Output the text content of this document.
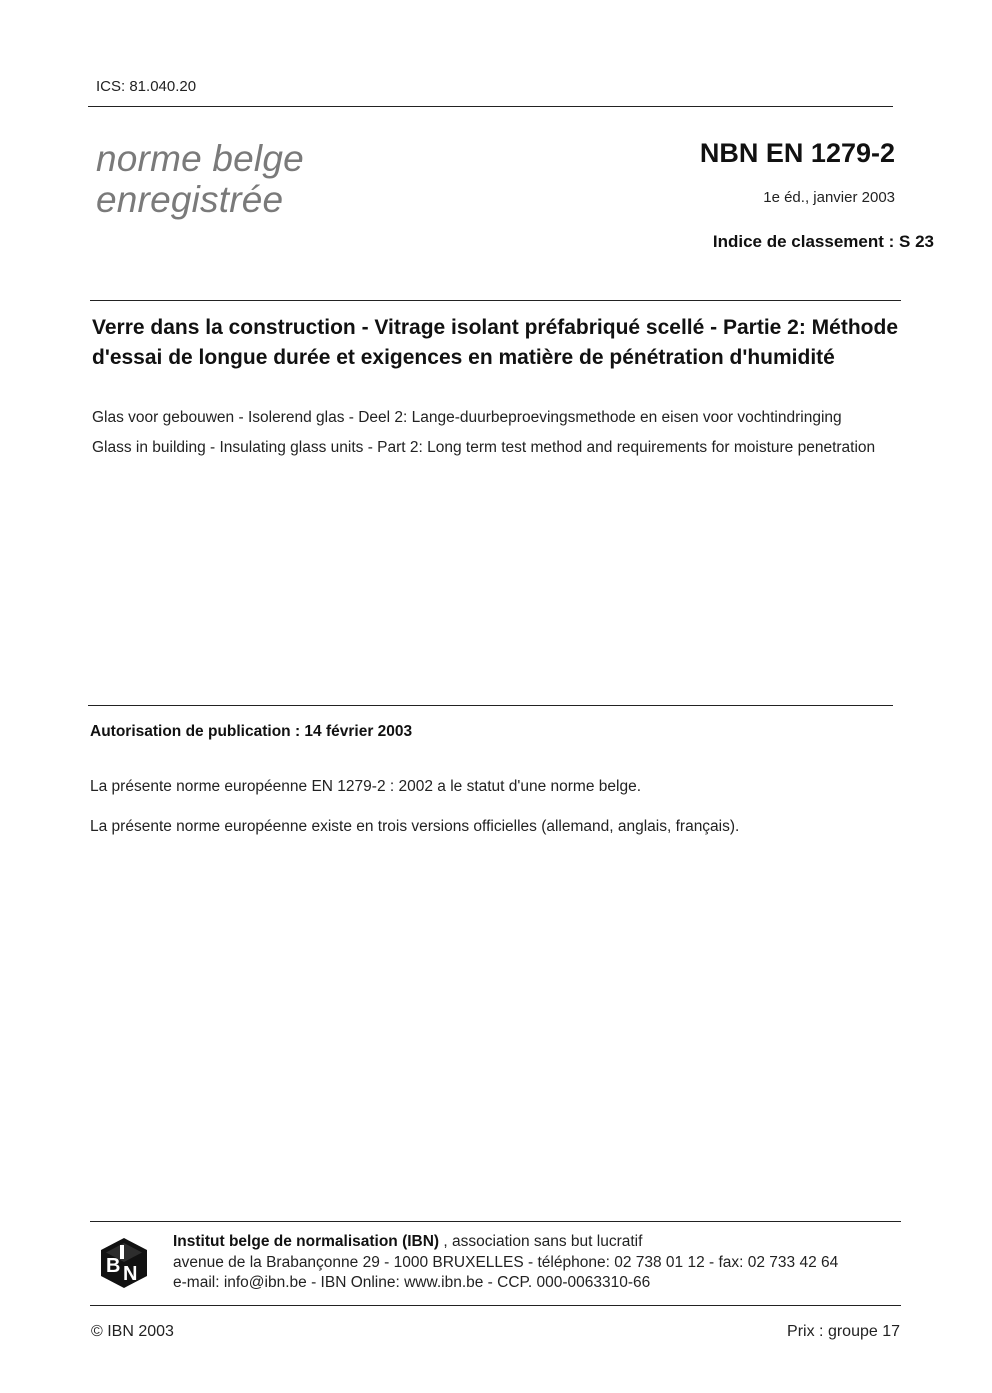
ICS: 81.040.20
norme belge
enregistrée
NBN EN 1279-2
1e éd., janvier 2003
Indice de classement : S 23
Verre dans la construction - Vitrage isolant préfabriqué scellé - Partie 2: Méthode d'essai de longue durée et exigences en matière de pénétration d'humidité
Glas voor gebouwen - Isolerend glas - Deel 2: Lange-duurbeproevingsmethode en eisen voor vochtindringing
Glass in building - Insulating glass units - Part 2: Long term test method and requirements for moisture penetration
Autorisation de publication : 14 février 2003
La présente norme européenne EN 1279-2 : 2002 a le statut d'une norme belge.
La présente norme européenne existe en trois versions officielles (allemand, anglais, français).
B N
Institut belge de normalisation (IBN) , association sans but lucratif
avenue de la Brabançonne 29 - 1000 BRUXELLES - téléphone: 02 738 01 12 - fax: 02 733 42 64
e-mail: info@ibn.be - IBN Online: www.ibn.be - CCP. 000-0063310-66
© IBN 2003	Prix : groupe 17
